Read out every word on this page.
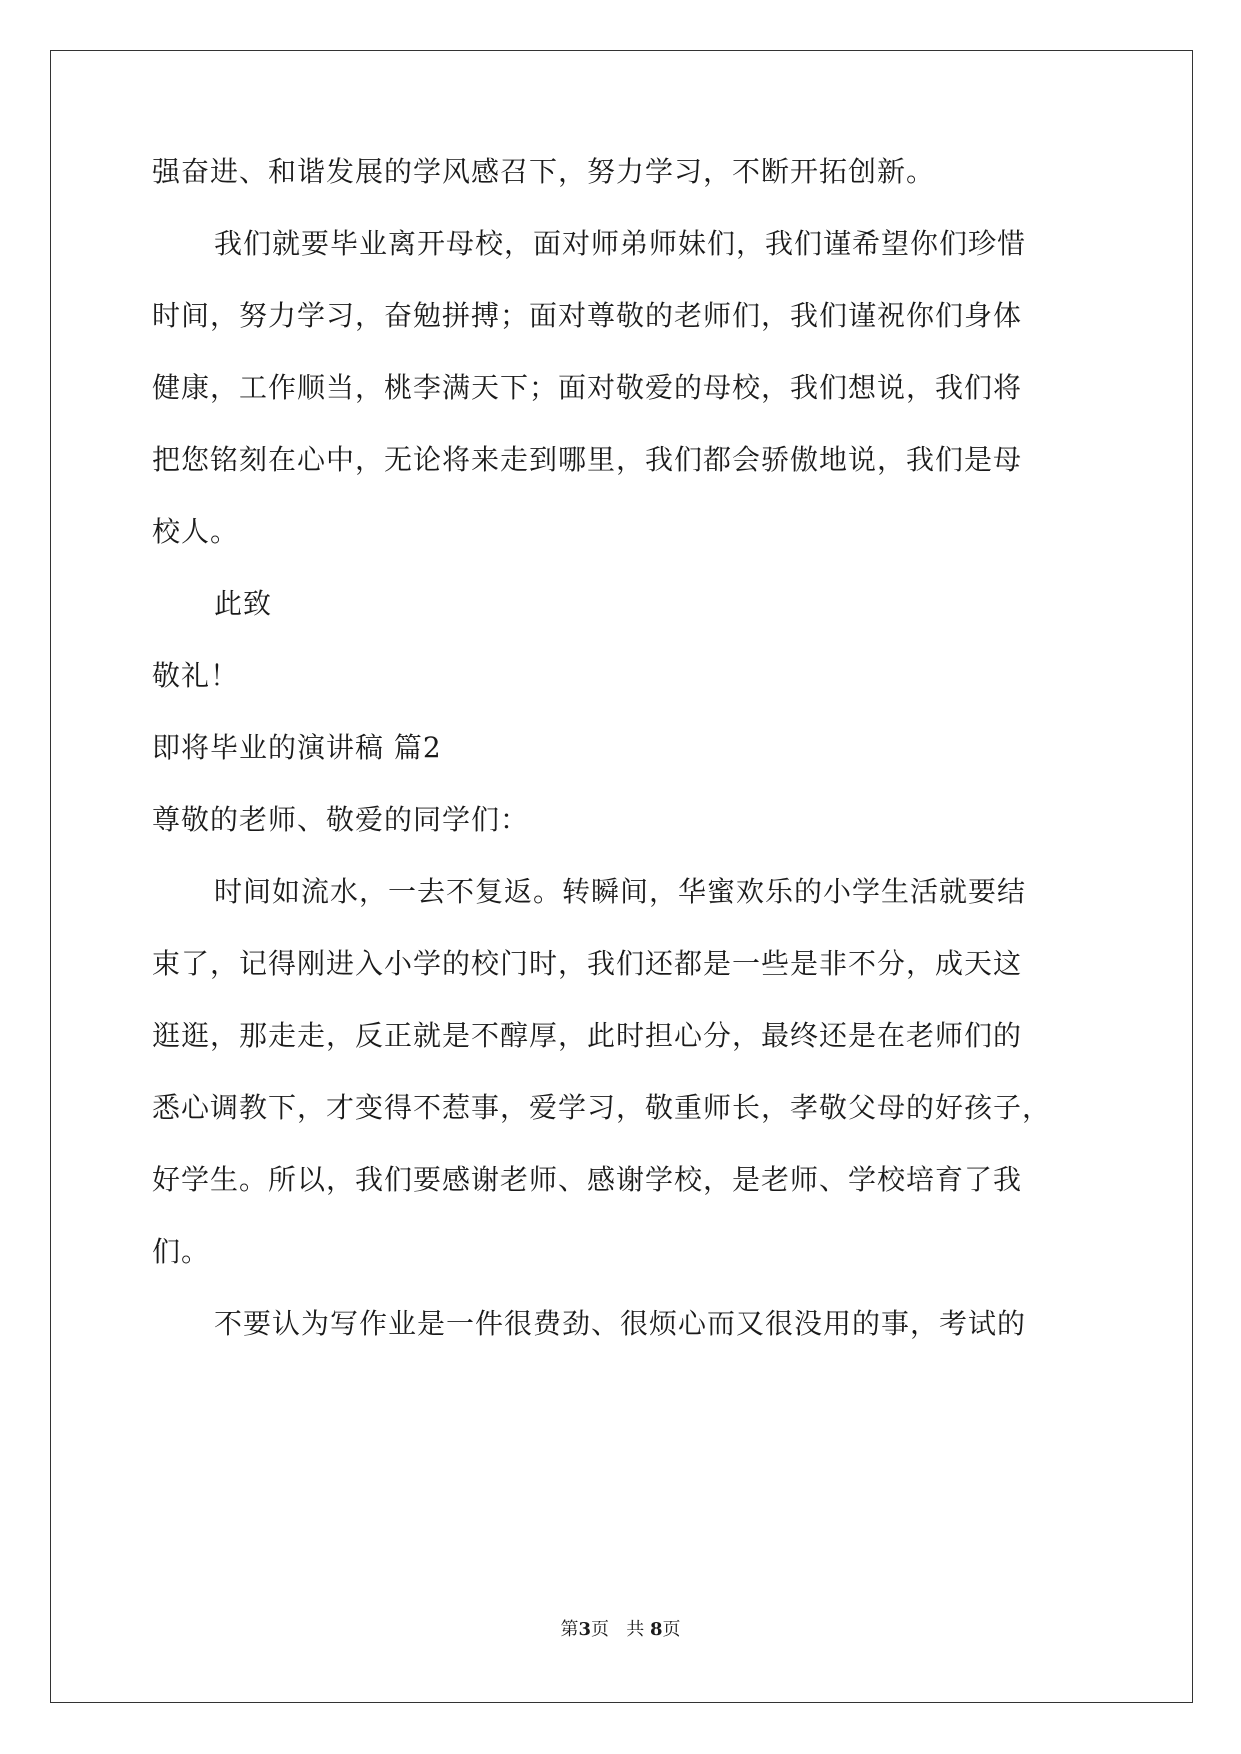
强奋进、和谐发展的学风感召下，努力学习，不断开拓创新。
我们就要毕业离开母校，面对师弟师妹们，我们谨希望你们珍惜
时间，努力学习，奋勉拼搏；面对尊敬的老师们，我们谨祝你们身体
健康，工作顺当，桃李满天下；面对敬爱的母校，我们想说，我们将
把您铭刻在心中，无论将来走到哪里，我们都会骄傲地说，我们是母
校人。
此致
敬礼！
即将毕业的演讲稿 篇2
尊敬的老师、敬爱的同学们：
时间如流水，一去不复返。转瞬间，华蜜欢乐的小学生活就要结
束了，记得刚进入小学的校门时，我们还都是一些是非不分，成天这
逛逛，那走走，反正就是不醇厚，此时担心分，最终还是在老师们的
悉心调教下，才变得不惹事，爱学习，敬重师长，孝敬父母的好孩子，
好学生。所以，我们要感谢老师、感谢学校，是老师、学校培育了我
们。
不要认为写作业是一件很费劲、很烦心而又很没用的事，考试的
第3页 共 8页
